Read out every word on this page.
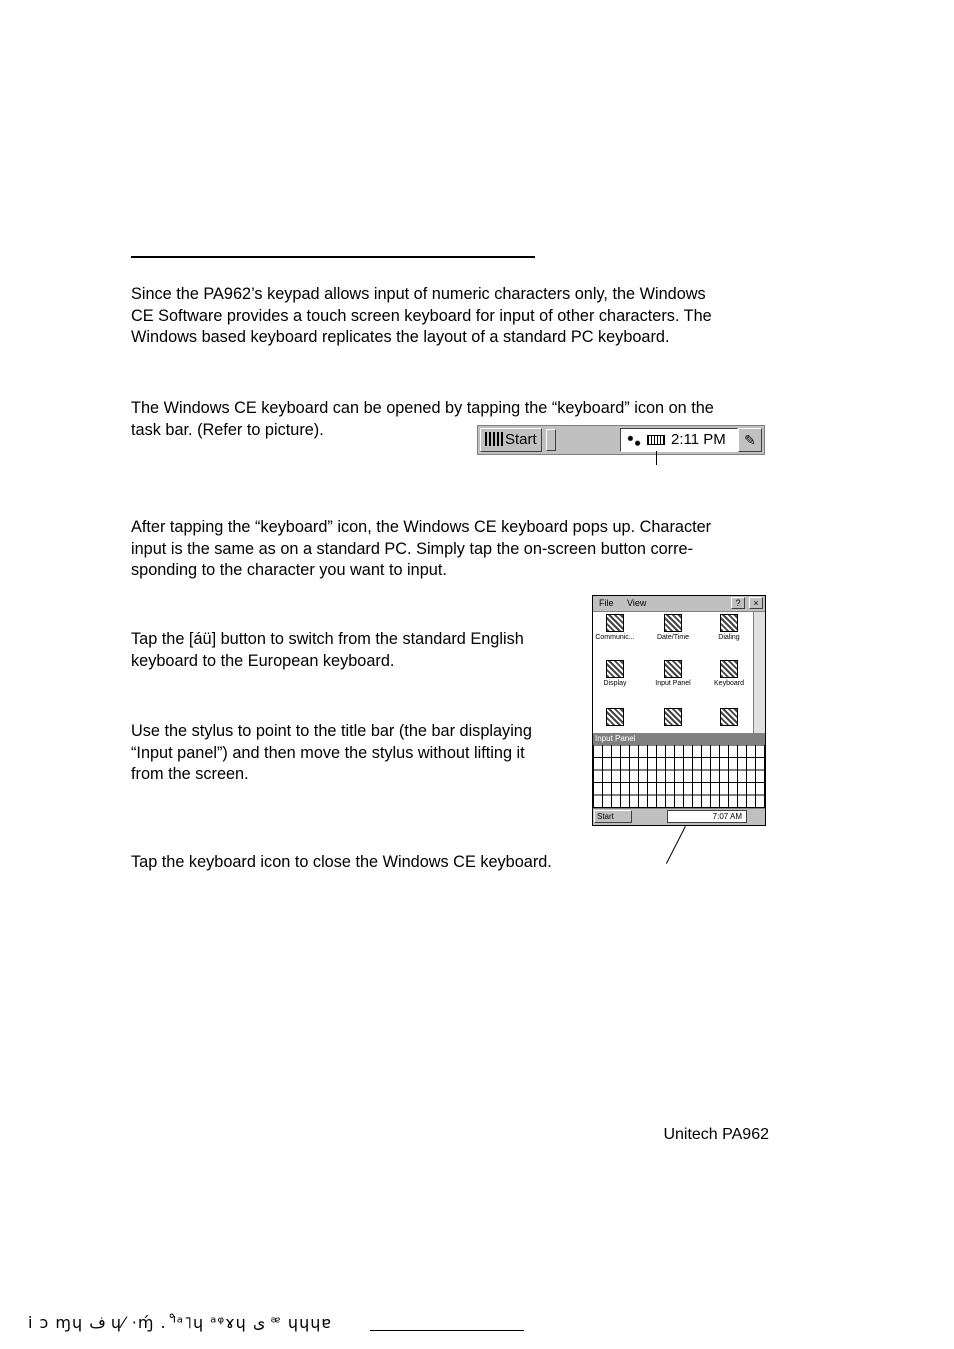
Since the PA962’s keypad allows input of numeric characters only, the Windows
CE Software provides a touch screen keyboard for input of other characters. The
Windows based keyboard replicates the layout of a standard PC keyboard.

The Windows CE keyboard can be opened by tapping the “keyboard” icon on the
task bar. (Refer to picture).

Start	2:11 PM	✎

After tapping the “keyboard” icon, the Windows CE keyboard pops up. Character
input is the same as on a standard PC. Simply tap the on-screen button corre-
sponding to the character you want to input.

File View	?	×
Communic...	Date/Time	Dialing
Display	Input Panel	Keyboard
Input Panel
Start	7:07 AM

Tap the [áü] button to switch from the standard English
keyboard to the European keyboard.

Use the stylus to point to the title bar (the bar displaying
“Input panel”) and then move the stylus without lifting it
from the screen.

Tap the keyboard icon to close the Windows CE keyboard.

Unitech PA962
i ɔ ɱɥ ف ɥ⁄ ·ɱ́ . ᑊ̊ᵃ˥ɥ ᵃᵠɤɥ ى ᵆ ɥɥɥɐ
